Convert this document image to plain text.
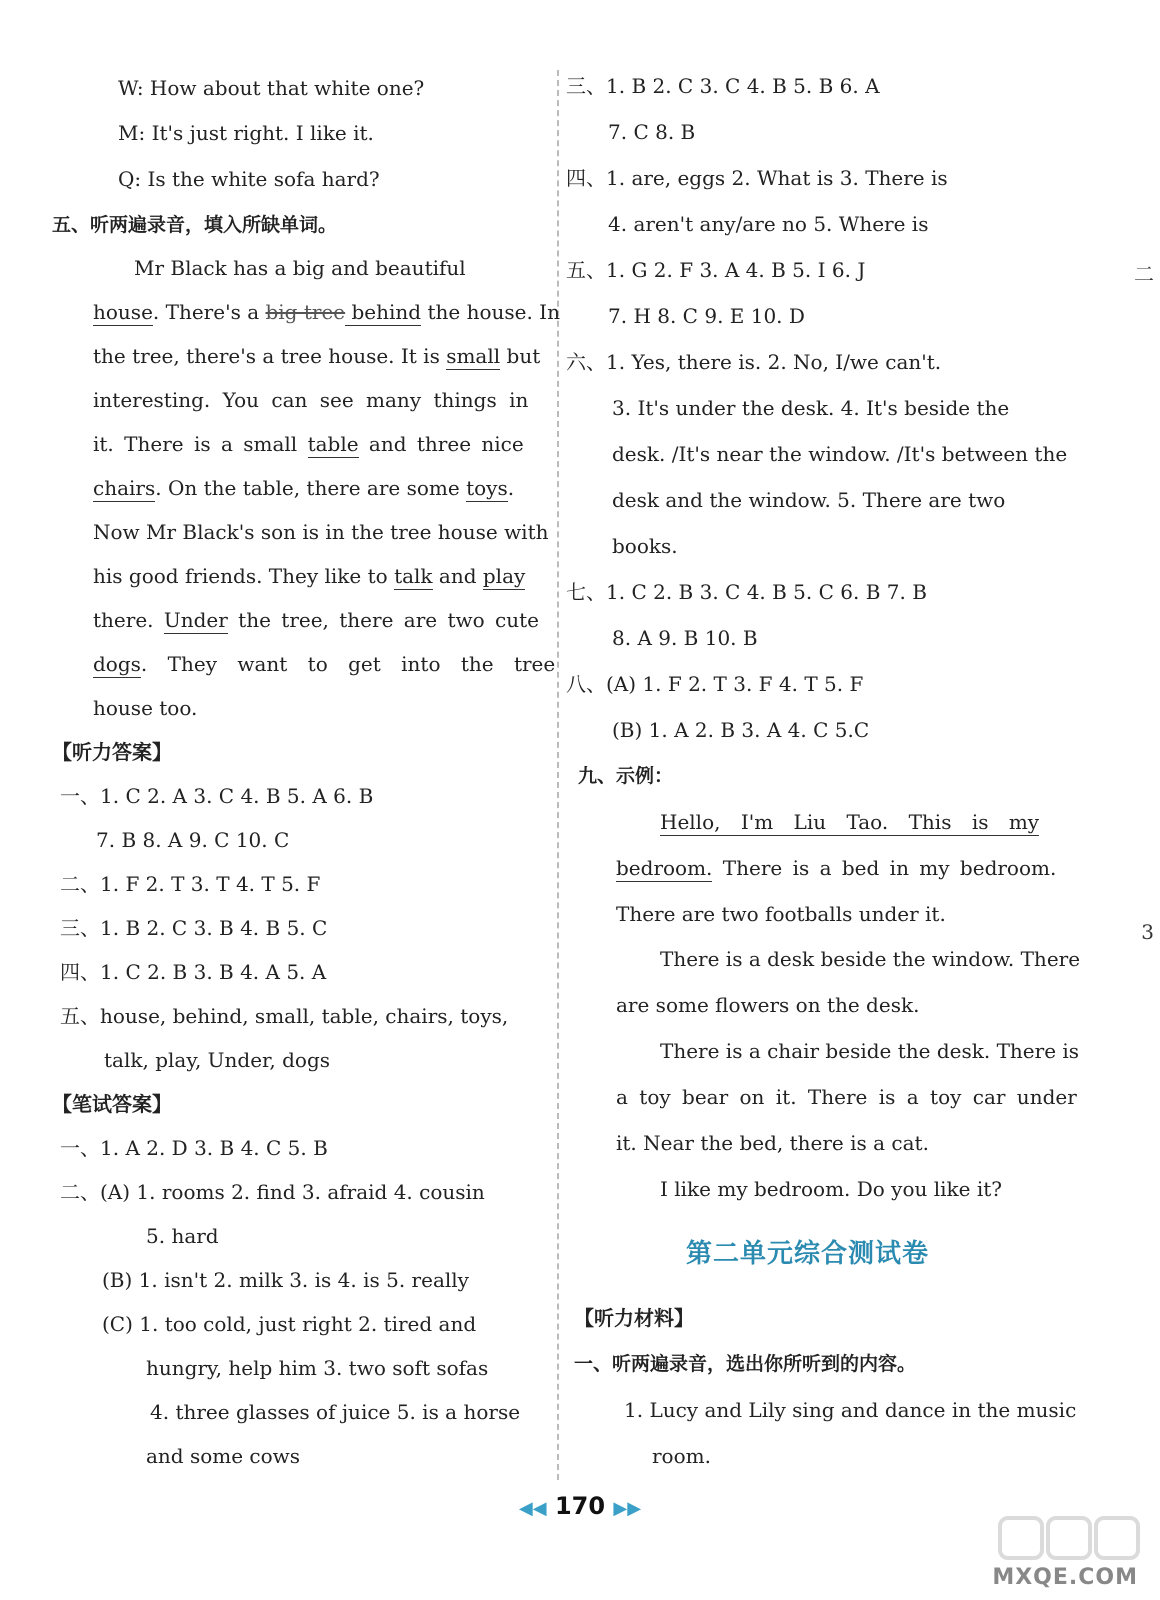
W: How about that white one?
M: It's just right. I like it.
Q: Is the white sofa hard?
五、听两遍录音，填入所缺单词。
Mr Black has a big and beautiful
house. There's a big tree behind the house. In
the tree, there's a tree house. It is small but
interesting. You can see many things in
it. There is a small table and three nice
chairs. On the table, there are some toys.
Now Mr Black's son is in the tree house with
his good friends. They like to talk and play
there. Under the tree, there are two cute
dogs. They want to get into the tree
house too.
【听力答案】
一、1. C 2. A 3. C 4. B 5. A 6. B
7. B 8. A 9. C 10. C
二、1. F 2. T 3. T 4. T 5. F
三、1. B 2. C 3. B 4. B 5. C
四、1. C 2. B 3. B 4. A 5. A
五、house, behind, small, table, chairs, toys,
talk, play, Under, dogs
【笔试答案】
一、1. A 2. D 3. B 4. C 5. B
二、(A) 1. rooms 2. find 3. afraid 4. cousin
5. hard
(B) 1. isn't 2. milk 3. is 4. is 5. really
(C) 1. too cold, just right 2. tired and
hungry, help him 3. two soft sofas
4. three glasses of juice 5. is a horse
and some cows
三、1. B 2. C 3. C 4. B 5. B 6. A
7. C 8. B
四、1. are, eggs 2. What is 3. There is
4. aren't any/are no 5. Where is
五、1. G 2. F 3. A 4. B 5. I 6. J
7. H 8. C 9. E 10. D
六、1. Yes, there is. 2. No, I/we can't.
3. It's under the desk. 4. It's beside the
desk. /It's near the window. /It's between the
desk and the window. 5. There are two
books.
七、1. C 2. B 3. C 4. B 5. C 6. B 7. B
8. A 9. B 10. B
八、(A) 1. F 2. T 3. F 4. T 5. F
(B) 1. A 2. B 3. A 4. C 5.C
九、示例：
Hello, I'm Liu Tao. This is my
bedroom. There is a bed in my bedroom.
There are two footballs under it.
There is a desk beside the window. There
are some flowers on the desk.
There is a chair beside the desk. There is
a toy bear on it. There is a toy car under
it. Near the bed, there is a cat.
I like my bedroom. Do you like it?
【听力材料】
一、听两遍录音，选出你所听到的内容。
1. Lucy and Lily sing and dance in the music
room.
第二单元综合测试卷
二
3
◀◀ 170 ▶▶
MXQE.COM
